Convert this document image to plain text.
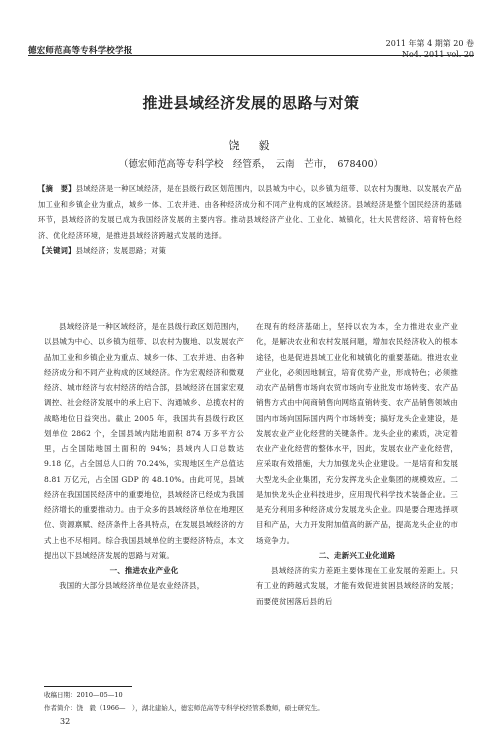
德宏师范高等专科学校学报
2011 年第 4 期第 20 卷
No4. 2011 vol. 20
推进县域经济发展的思路与对策
饶　毅
（德宏师范高等专科学校　经管系，　云南　芒市，　678400）
【摘　要】县域经济是一种区域经济，是在县级行政区划范围内，以县城为中心，以乡镇为纽带、以农村为腹地、以发展农产品加工业和乡镇企业为重点，城乡一体、工农并进、由各种经济成分和不同产业构成的区域经济。县域经济是整个国民经济的基础环节，县域经济的发展已成为我国经济发展的主要内容。推动县域经济产业化、工业化、城镇化，壮大民营经济、培育特色经济、优化经济环境，是推进县域经济跨越式发展的选择。
【关键词】县域经济；发展思路；对策

县域经济是一种区域经济，是在县级行政区划范围内，以县城为中心、以乡镇为纽带、以农村为腹地、以发展农产品加工业和乡镇企业为重点、城乡一体、工农并进、由各种经济成分和不同产业构成的区域经济。作为宏观经济和微观经济、城市经济与农村经济的结合部，县域经济在国家宏观调控、社会经济发展中的承上启下、沟通城乡、总揽农村的战略地位日益突出。截止 2005 年，我国共有县级行政区划单位 2862 个，全国县域内陆地面积 874 万多平方公里，占全国陆地国土面积的 94%；县域内人口总数达 9.18 亿，占全国总人口的 70.24%，实现地区生产总值达 8.81 万亿元，占全国 GDP 的 48.10%。由此可见，县域经济在我国国民经济中的重要地位，县域经济已经成为我国经济增长的重要推动力。由于众多的县域经济单位在地理区位、资源禀赋、经济条件上各具特点，在发展县域经济的方式上也不尽相同。综合我国县域单位的主要经济特点，本文提出以下县域经济发展的思路与对策。

一、推进农业产业化

我国的大部分县域经济单位是农业经济县，

在现有的经济基础上，坚持以农为本，全力推进农业产业化，是解决农业和农村发展问题，增加农民经济收入的根本途径，也是促进县域工业化和城镇化的重要基础。推进农业产业化，必须因地制宜，培育优势产业，形成特色；必须推动农产品销售市场向农贸市场向专业批发市场转变、农产品销售方式由中间商销售向网络直销转变、农产品销售领域由国内市场向国际国内两个市场转变；搞好龙头企业建设，是发展农业产业化经营的关键条件。龙头企业的素质，决定着农业产业化经营的整体水平，因此，发展农业产业化经营，应采取有效措施，大力加强龙头企业建设。一是培育和发展大型龙头企业集团，充分发挥龙头企业集团的规模效应。二是加快龙头企业科技进步，应用现代科学技术装备企业。三是充分利用多种经济成分发展龙头企业。四是要合理选择项目和产品，大力开发附加值高的新产品，提高龙头企业的市场竞争力。

二、走新兴工业化道路

县域经济的实力差距主要体现在工业发展的差距上。只有工业的跨越式发展，才能有效促进贫困县域经济的发展；而要使贫困落后县的后

收稿日期：2010—05—10
作者简介：饶　毅（1966—　），湖北建始人，德宏师范高等专科学校经管系教师，硕士研究生。
32
